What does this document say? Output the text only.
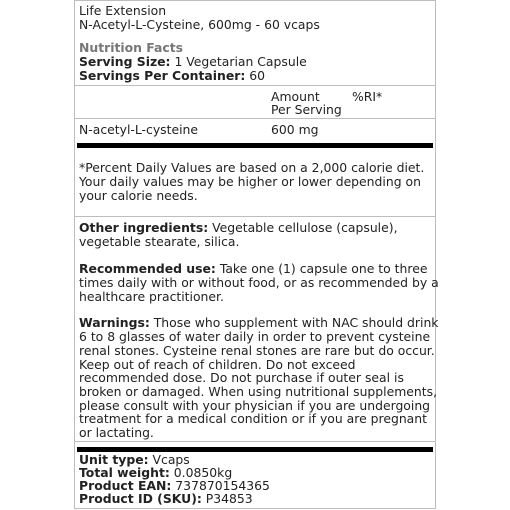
Life Extension
N-Acetyl-L-Cysteine, 600mg - 60 vcaps
Nutrition Facts
Serving Size: 1 Vegetarian Capsule
Servings Per Container: 60
Amount
Per Serving
%RI*
N-acetyl-L-cysteine	600 mg
*Percent Daily Values are based on a 2,000 calorie diet.
Your daily values may be higher or lower depending on
your calorie needs.
Other ingredients: Vegetable cellulose (capsule),
vegetable stearate, silica.
Recommended use: Take one (1) capsule one to three
times daily with or without food, or as recommended by a
healthcare practitioner.
Warnings: Those who supplement with NAC should drink
6 to 8 glasses of water daily in order to prevent cysteine
renal stones. Cysteine renal stones are rare but do occur.
Keep out of reach of children. Do not exceed
recommended dose. Do not purchase if outer seal is
broken or damaged. When using nutritional supplements,
please consult with your physician if you are undergoing
treatment for a medical condition or if you are pregnant
or lactating.
Unit type: Vcaps
Total weight: 0.0850kg
Product EAN: 737870154365
Product ID (SKU): P34853
